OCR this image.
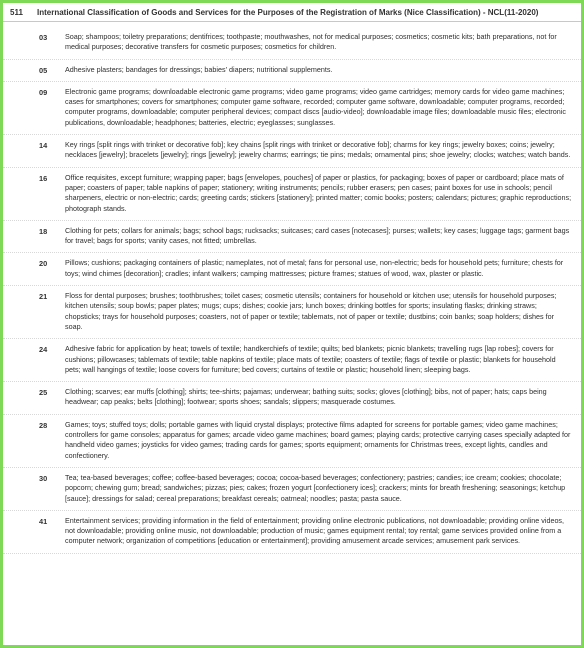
511 International Classification of Goods and Services for the Purposes of the Registration of Marks (Nice Classification) - NCL(11-2020)
03	Soap; shampoos; toiletry preparations; dentifrices; toothpaste; mouthwashes, not for medical purposes; cosmetics; cosmetic kits; bath preparations, not for medical purposes; decorative transfers for cosmetic purposes; cosmetics for children.
05	Adhesive plasters; bandages for dressings; babies' diapers; nutritional supplements.
09	Electronic game programs; downloadable electronic game programs; video game programs; video game cartridges; memory cards for video game machines; cases for smartphones; covers for smartphones; computer game software, recorded; computer game software, downloadable; computer programs, recorded; computer programs, downloadable; computer peripheral devices; compact discs [audio-video]; downloadable image files; downloadable music files; electronic publications, downloadable; headphones; batteries, electric; eyeglasses; sunglasses.
14	Key rings [split rings with trinket or decorative fob]; key chains [split rings with trinket or decorative fob]; charms for key rings; jewelry boxes; coins; jewelry; necklaces [jewelry]; bracelets [jewelry]; rings [jewelry]; jewelry charms; earrings; tie pins; medals; ornamental pins; shoe jewelry; clocks; watches; watch bands.
16	Office requisites, except furniture; wrapping paper; bags [envelopes, pouches] of paper or plastics, for packaging; boxes of paper or cardboard; place mats of paper; coasters of paper; table napkins of paper; stationery; writing instruments; pencils; rubber erasers; pen cases; paint boxes for use in schools; pencil sharpeners, electric or non-electric; cards; greeting cards; stickers [stationery]; printed matter; comic books; posters; calendars; pictures; graphic reproductions; photograph stands.
18	Clothing for pets; collars for animals; bags; school bags; rucksacks; suitcases; card cases [notecases]; purses; wallets; key cases; luggage tags; garment bags for travel; bags for sports; vanity cases, not fitted; umbrellas.
20	Pillows; cushions; packaging containers of plastic; nameplates, not of metal; fans for personal use, non-electric; beds for household pets; furniture; chests for toys; wind chimes [decoration]; cradles; infant walkers; camping mattresses; picture frames; statues of wood, wax, plaster or plastic.
21	Floss for dental purposes; brushes; toothbrushes; toilet cases; cosmetic utensils; containers for household or kitchen use; utensils for household purposes; kitchen utensils; soup bowls; paper plates; mugs; cups; dishes; cookie jars; lunch boxes; drinking bottles for sports; insulating flasks; drinking straws; chopsticks; trays for household purposes; coasters, not of paper or textile; tablemats, not of paper or textile; dustbins; coin banks; soap holders; dishes for soap.
24	Adhesive fabric for application by heat; towels of textile; handkerchiefs of textile; quilts; bed blankets; picnic blankets; travelling rugs [lap robes]; covers for cushions; pillowcases; tablemats of textile; table napkins of textile; place mats of textile; coasters of textile; flags of textile or plastic; blankets for household pets; wall hangings of textile; loose covers for furniture; bed covers; curtains of textile or plastic; household linen; sleeping bags.
25	Clothing; scarves; ear muffs [clothing]; shirts; tee-shirts; pajamas; underwear; bathing suits; socks; gloves [clothing]; bibs, not of paper; hats; caps being headwear; cap peaks; belts [clothing]; footwear; sports shoes; sandals; slippers; masquerade costumes.
28	Games; toys; stuffed toys; dolls; portable games with liquid crystal displays; protective films adapted for screens for portable games; video game machines; controllers for game consoles; apparatus for games; arcade video game machines; board games; playing cards; protective carrying cases specially adapted for handheld video games; joysticks for video games; trading cards for games; sports equipment; ornaments for Christmas trees, except lights, candles and confectionery.
30	Tea; tea-based beverages; coffee; coffee-based beverages; cocoa; cocoa-based beverages; confectionery; pastries; candies; ice cream; cookies; chocolate; popcorn; chewing gum; bread; sandwiches; pizzas; pies; cakes; frozen yogurt [confectionery ices]; crackers; mints for breath freshening; seasonings; ketchup [sauce]; dressings for salad; cereal preparations; breakfast cereals; oatmeal; noodles; pasta; pasta sauce.
41	Entertainment services; providing information in the field of entertainment; providing online electronic publications, not downloadable; providing online videos, not downloadable; providing online music, not downloadable; production of music; games equipment rental; toy rental; game services provided online from a computer network; organization of competitions [education or entertainment]; providing amusement arcade services; amusement park services.
